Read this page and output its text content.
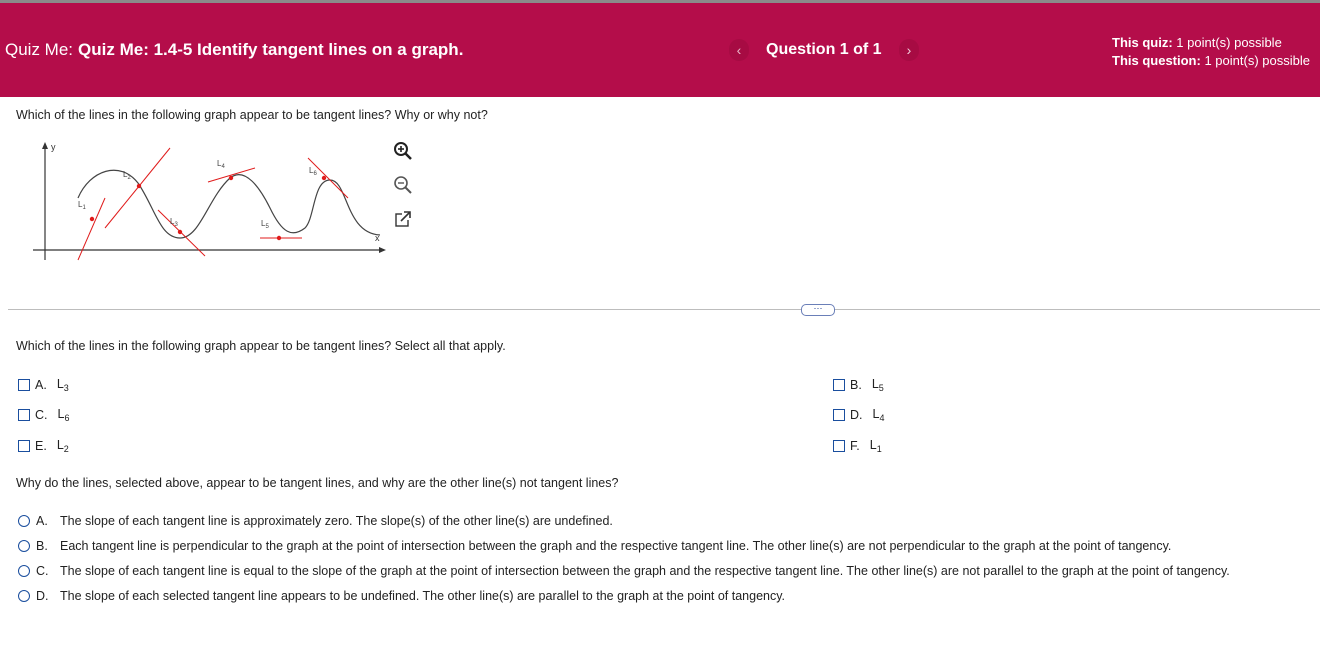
Quiz Me: Quiz Me: 1.4-5 Identify tangent lines on a graph.	‹	Question 1 of 1	›	This quiz: 1 point(s) possible
This question: 1 point(s) possible
Which of the lines in the following graph appear to be tangent lines? Why or why not?
y
x
$L_1$
$L_2$
$L_3$
$L_4$
$L_5$
$L_6$
⋯
Which of the lines in the following graph appear to be tangent lines? Select all that apply.
A. $L_3$	B. $L_5$
C. $L_6$	D. $L_4$
E. $L_2$	F. $L_1$
Why do the lines, selected above, appear to be tangent lines, and why are the other line(s) not tangent lines?
A. The slope of each tangent line is approximately zero. The slope(s) of the other line(s) are undefined.
B. Each tangent line is perpendicular to the graph at the point of intersection between the graph and the respective tangent line. The other line(s) are not perpendicular to the graph at the point of tangency.
C. The slope of each tangent line is equal to the slope of the graph at the point of intersection between the graph and the respective tangent line. The other line(s) are not parallel to the graph at the point of tangency.
D. The slope of each selected tangent line appears to be undefined. The other line(s) are parallel to the graph at the point of tangency.
